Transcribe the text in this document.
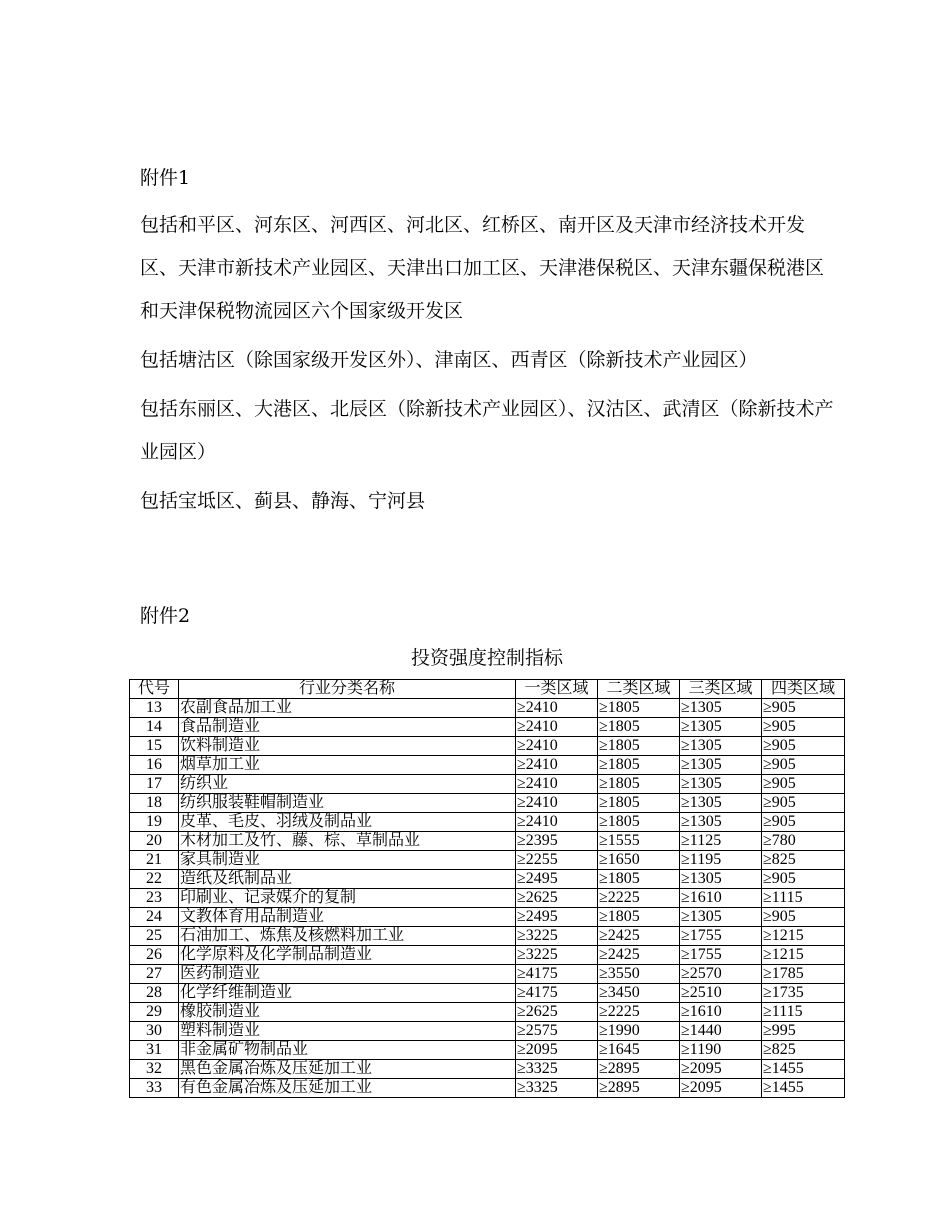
附件1

包括和平区、河东区、河西区、河北区、红桥区、南开区及天津市经济技术开发区、天津市新技术产业园区、天津出口加工区、天津港保税区、天津东疆保税港区和天津保税物流园区六个国家级开发区

包括塘沽区（除国家级开发区外）、津南区、西青区（除新技术产业园区）

包括东丽区、大港区、北辰区（除新技术产业园区）、汉沽区、武清区（除新技术产业园区）

包括宝坻区、蓟县、静海、宁河县

附件2
投资强度控制指标
代号	行业分类名称	一类区域	二类区域	三类区域	四类区域
13	农副食品加工业	≥2410	≥1805	≥1305	≥905
14	食品制造业	≥2410	≥1805	≥1305	≥905
15	饮料制造业	≥2410	≥1805	≥1305	≥905
16	烟草加工业	≥2410	≥1805	≥1305	≥905
17	纺织业	≥2410	≥1805	≥1305	≥905
18	纺织服装鞋帽制造业	≥2410	≥1805	≥1305	≥905
19	皮革、毛皮、羽绒及制品业	≥2410	≥1805	≥1305	≥905
20	木材加工及竹、藤、棕、草制品业	≥2395	≥1555	≥1125	≥780
21	家具制造业	≥2255	≥1650	≥1195	≥825
22	造纸及纸制品业	≥2495	≥1805	≥1305	≥905
23	印刷业、记录媒介的复制	≥2625	≥2225	≥1610	≥1115
24	文教体育用品制造业	≥2495	≥1805	≥1305	≥905
25	石油加工、炼焦及核燃料加工业	≥3225	≥2425	≥1755	≥1215
26	化学原料及化学制品制造业	≥3225	≥2425	≥1755	≥1215
27	医药制造业	≥4175	≥3550	≥2570	≥1785
28	化学纤维制造业	≥4175	≥3450	≥2510	≥1735
29	橡胶制造业	≥2625	≥2225	≥1610	≥1115
30	塑料制造业	≥2575	≥1990	≥1440	≥995
31	非金属矿物制品业	≥2095	≥1645	≥1190	≥825
32	黑色金属冶炼及压延加工业	≥3325	≥2895	≥2095	≥1455
33	有色金属冶炼及压延加工业	≥3325	≥2895	≥2095	≥1455
